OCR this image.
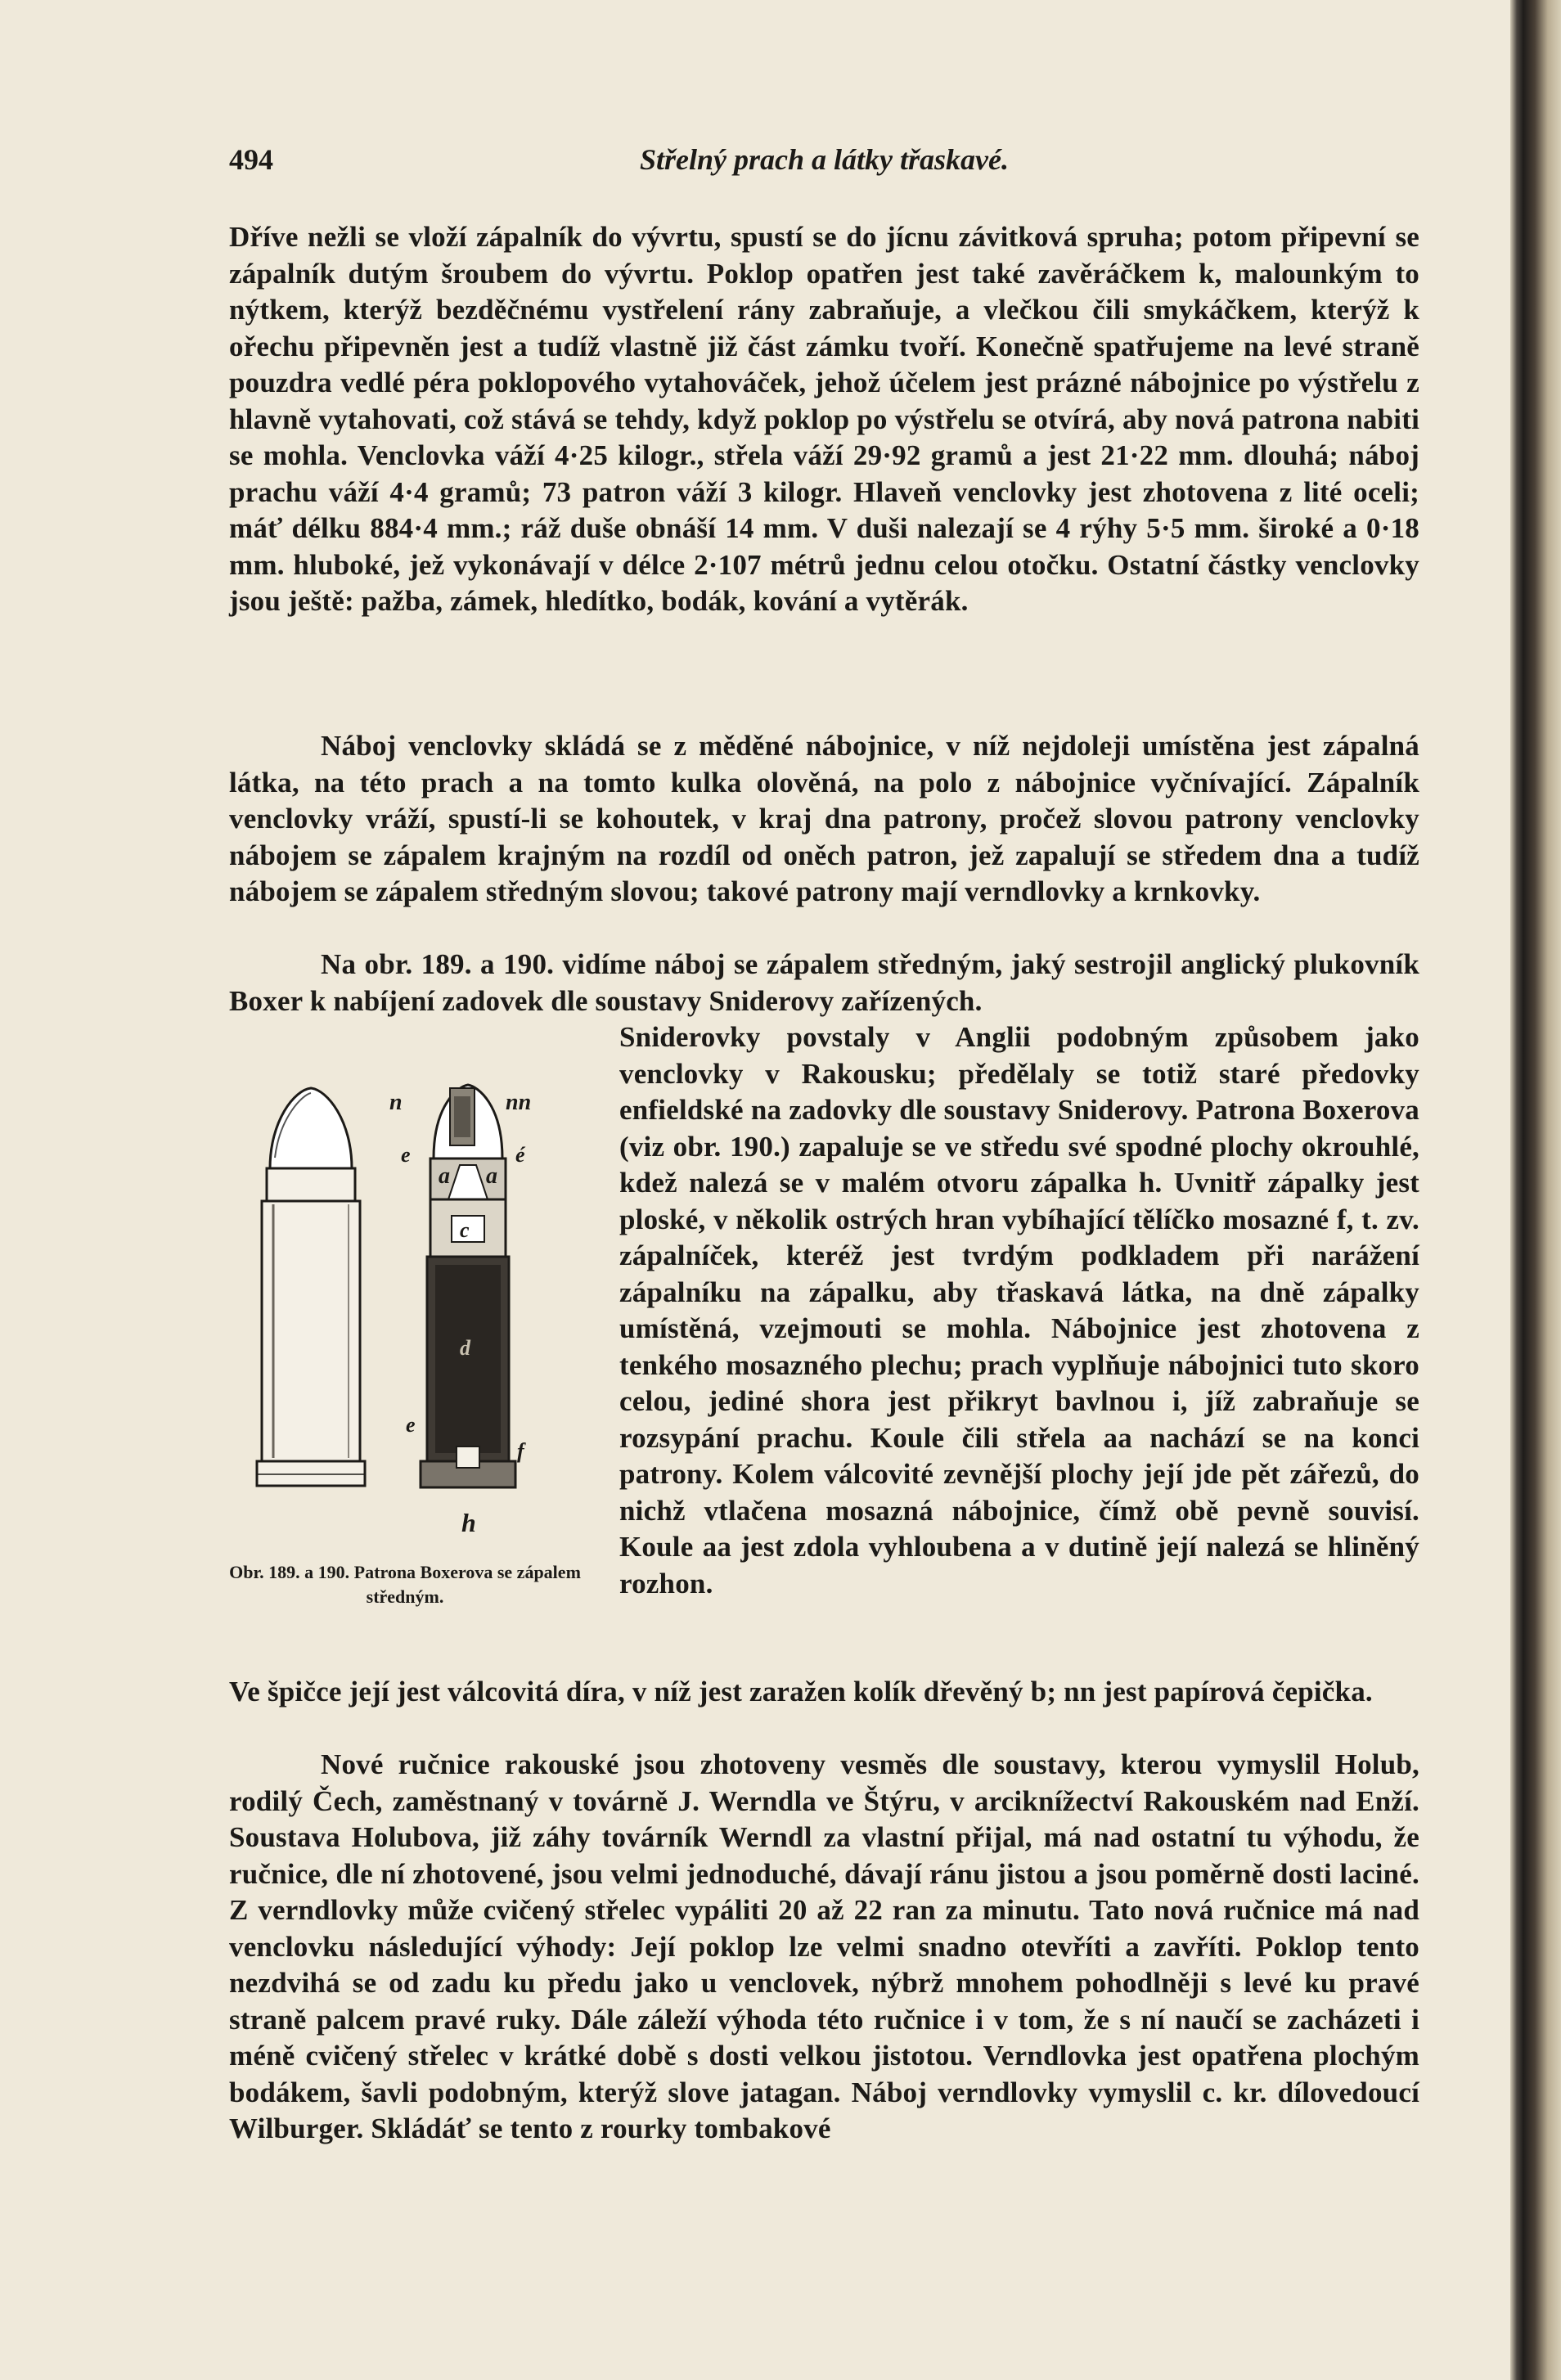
494	Střelný prach a látky třaskavé.

Dříve nežli se vloží zápalník do vývrtu, spustí se do jícnu závitková spruha; potom připevní se zápalník dutým šroubem do vývrtu. Poklop opatřen jest také zavěráčkem k, malounkým to nýtkem, kterýž bezděčnému vystřelení rány zabraňuje, a vlečkou čili smykáčkem, kterýž k ořechu připevněn jest a tudíž vlastně již část zámku tvoří. Konečně spatřujeme na levé straně pouzdra vedlé péra poklopového vytahováček, jehož účelem jest prázné nábojnice po výstřelu z hlavně vytahovati, což stává se tehdy, když poklop po výstřelu se otvírá, aby nová patrona nabiti se mohla. Venclovka váží 4·25 kilogr., střela váží 29·92 gramů a jest 21·22 mm. dlouhá; náboj prachu váží 4·4 gramů; 73 patron váží 3 kilogr. Hlaveň venclovky jest zhotovena z lité oceli; máť délku 884·4 mm.; ráž duše obnáší 14 mm. V duši nalezají se 4 rýhy 5·5 mm. široké a 0·18 mm. hluboké, jež vykonávají v délce 2·107 métrů jednu celou otočku. Ostatní částky venclovky jsou ještě: pažba, zámek, hledítko, bodák, kování a vytěrák.

Náboj venclovky skládá se z měděné nábojnice, v níž nejdoleji umístěna jest zápalná látka, na této prach a na tomto kulka olověná, na polo z nábojnice vyčnívající. Zápalník venclovky vráží, spustí-li se kohoutek, v kraj dna patrony, pročež slovou patrony venclovky nábojem se zápalem krajným na rozdíl od oněch patron, jež zapalují se středem dna a tudíž nábojem se zápalem středným slovou; takové patrony mají verndlovky a krnkovky.

Na obr. 189. a 190. vidíme náboj se zápalem středným, jaký sestrojil anglický plukovník Boxer k nabíjení zadovek dle soustavy Sniderovy zařízených.

Sniderovky povstaly v Anglii podobným způsobem jako venclovky v Rakousku; předělaly se totiž staré předovky enfieldské na zadovky dle soustavy Sniderovy. Patrona Boxerova (viz obr. 190.) zapaluje se ve středu své spodné plochy okrouhlé, kdež nalezá se v malém otvoru zápalka h. Uvnitř zápalky jest ploské, v několik ostrých hran vybíhající tělíčko mosazné f, t. zv. zápalníček, kteréž jest tvrdým podkladem při narážení zápalníku na zápalku, aby třaskavá látka, na dně zápalky umístěná, vzejmouti se mohla. Nábojnice jest zhotovena z tenkého mosazného plechu; prach vyplňuje nábojnici tuto skoro celou, jediné shora jest přikryt bavlnou i, jíž zabraňuje se rozsypání prachu. Koule čili střela aa nachází se na konci patrony. Kolem válcovité zevnější plochy její jde pět zářezů, do nichž vtlačena mosazná nábojnice, čímž obě pevně souvisí. Koule aa jest zdola vyhloubena a v dutině její nalezá se hliněný rozhon.

n	nn
e	é
a a
c
d
e
f
h
Obr. 189. a 190. Patrona Boxerova se zápalem středným.

Ve špičce její jest válcovitá díra, v níž jest zaražen kolík dřevěný b; nn jest papírová čepička.

Nové ručnice rakouské jsou zhotoveny vesměs dle soustavy, kterou vymyslil Holub, rodilý Čech, zaměstnaný v továrně J. Werndla ve Štýru, v arciknížectví Rakouském nad Enží. Soustava Holubova, již záhy továrník Werndl za vlastní přijal, má nad ostatní tu výhodu, že ručnice, dle ní zhotovené, jsou velmi jednoduché, dávají ránu jistou a jsou poměrně dosti laciné. Z verndlovky může cvičený střelec vypáliti 20 až 22 ran za minutu. Tato nová ručnice má nad venclovku následující výhody: Její poklop lze velmi snadno otevříti a zavříti. Poklop tento nezdvihá se od zadu ku předu jako u venclovek, nýbrž mnohem pohodlněji s levé ku pravé straně palcem pravé ruky. Dále záleží výhoda této ručnice i v tom, že s ní naučí se zacházeti i méně cvičený střelec v krátké době s dosti velkou jistotou. Verndlovka jest opatřena plochým bodákem, šavli podobným, kterýž slove jatagan. Náboj verndlovky vymyslil c. kr. dílovedoucí Wilburger. Skládáť se tento z rourky tombakové
